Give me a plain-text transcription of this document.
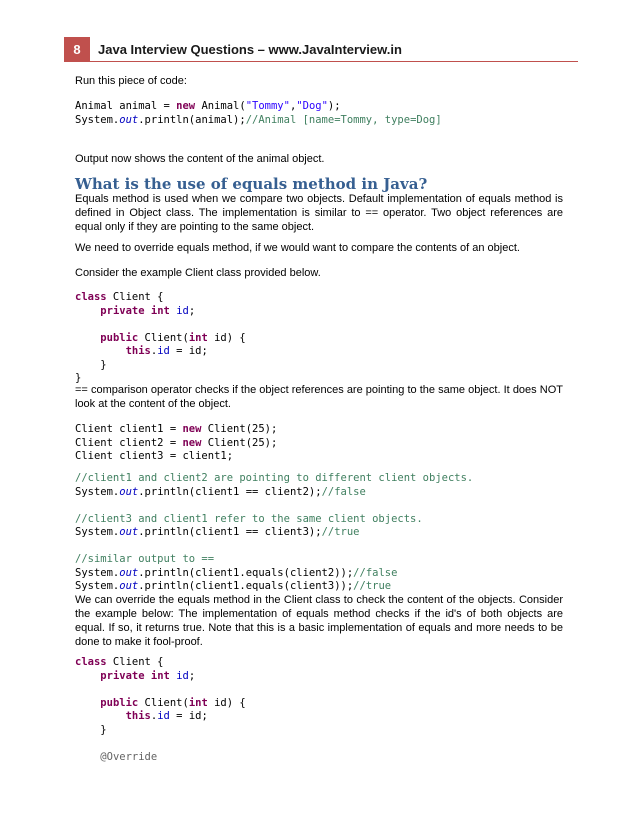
8	Java Interview Questions – www.JavaInterview.in

Run this piece of code:

Animal animal = new Animal("Tommy","Dog");
System.out.println(animal);//Animal [name=Tommy, type=Dog]

Output now shows the content of the animal object.

What is the use of equals method in Java?

Equals method is used when we compare two objects. Default implementation of equals method is defined in Object class. The implementation is similar to == operator. Two object references are equal only if they are pointing to the same object.

We need to override equals method, if we would want to compare the contents of an object.

Consider the example Client class provided below.

class Client {
private int id;

public Client(int id) {
this.id = id;
}
}

== comparison operator checks if the object references are pointing to the same object. It does NOT look at the content of the object.

Client client1 = new Client(25);
Client client2 = new Client(25);
Client client3 = client1;
//client1 and client2 are pointing to different client objects.
System.out.println(client1 == client2);//false

//client3 and client1 refer to the same client objects.
System.out.println(client1 == client3);//true

//similar output to ==
System.out.println(client1.equals(client2));//false
System.out.println(client1.equals(client3));//true

We can override the equals method in the Client class to check the content of the objects. Consider the example below: The implementation of equals method checks if the id's of both objects are equal. If so, it returns true. Note that this is a basic implementation of equals and more needs to be done to make it fool-proof.

class Client {
private int id;

public Client(int id) {
this.id = id;
}

@Override
